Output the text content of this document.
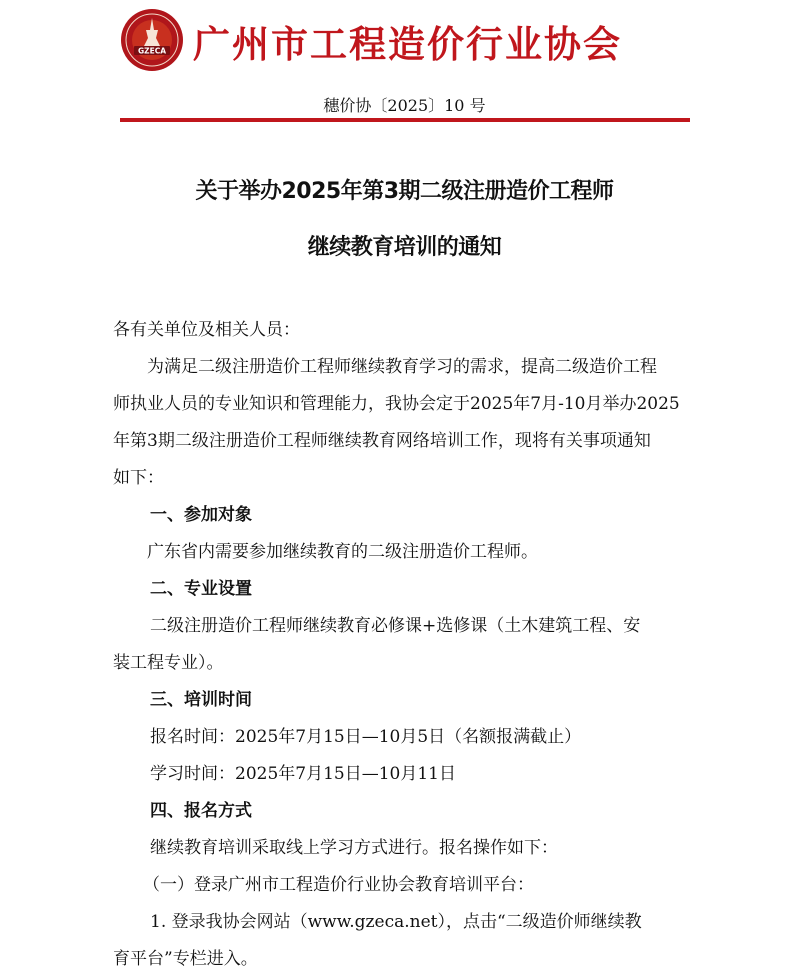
GZECA 广州市工程造价行业协会
穗价协〔2025〕10 号
关于举办2025年第3期二级注册造价工程师
继续教育培训的通知
各有关单位及相关人员：
为满足二级注册造价工程师继续教育学习的需求，提高二级造价工程
师执业人员的专业知识和管理能力，我协会定于2025年7月-10月举办2025
年第3期二级注册造价工程师继续教育网络培训工作，现将有关事项通知
如下：
一、参加对象
广东省内需要参加继续教育的二级注册造价工程师。
二、专业设置
二级注册造价工程师继续教育必修课+选修课（土木建筑工程、安
装工程专业）。
三、培训时间
报名时间：2025年7月15日—10月5日（名额报满截止）
学习时间：2025年7月15日—10月11日
四、报名方式
继续教育培训采取线上学习方式进行。报名操作如下：
（一）登录广州市工程造价行业协会教育培训平台：
1. 登录我协会网站（www.gzeca.net），点击“二级造价师继续教
育平台”专栏进入。
